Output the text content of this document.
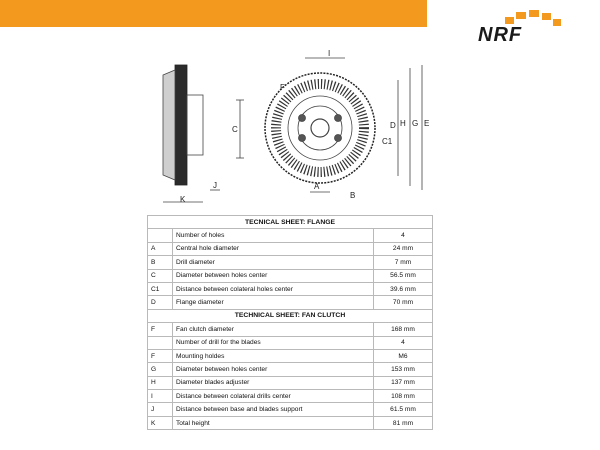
NRF
K
J	A
B
C
C1
D	E
F
G
H
I
TECNICAL SHEET: FLANGE		
	Number of holes	4
A	Central hole diameter	24 mm
B	Drill diameter	7 mm
C	Diameter between holes center	56.5 mm
C1	Distance between colateral holes center	39.6 mm
D	Flange diameter	70 mm
TECHNICAL SHEET: FAN CLUTCH		
F	Fan clutch diameter	168 mm
	Number of drill for the blades	4
F	Mounting holdes	M6
G	Diameter between holes center	153 mm
H	Diameter blades adjuster	137 mm
I	Distance between colateral drills center	108 mm
J	Distance between base and blades support	61.5 mm
K	Total height	81 mm
